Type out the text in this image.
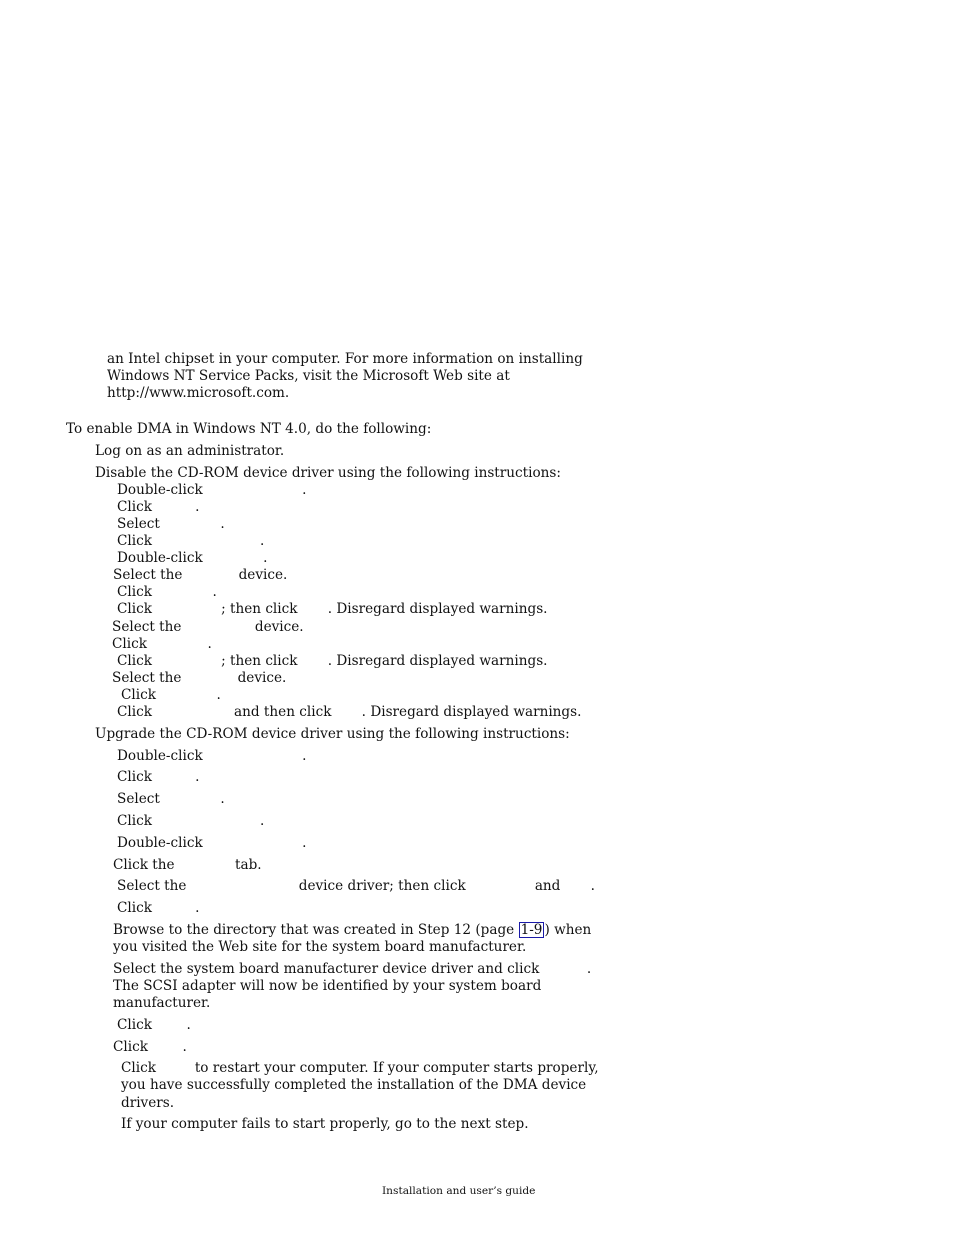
an Intel chipset in your computer. For more information on installing
Windows NT Service Packs, visit the Microsoft Web site at
http://www.microsoft.com.
To enable DMA in Windows NT 4.0, do the following:
Log on as an administrator.
Disable the CD-ROM device driver using the following instructions:
Double-click                       .
Click          .
Select              .
Click                         .
Double-click              .
Select the             device.
Click              .
Click                ; then click       . Disregard displayed warnings.
Select the                 device.
Click              .
Click                ; then click       . Disregard displayed warnings.
Select the             device.
Click              .
Click                   and then click       . Disregard displayed warnings.
Upgrade the CD-ROM device driver using the following instructions:
Double-click                       .
Click          .
Select              .
Click                         .
Double-click                       .
Click the              tab.
Select the                          device driver; then click                and       .
Click          .
Browse to the directory that was created in Step 12 (page 1-9 ) when
you visited the Web site for the system board manufacturer.
Select the system board manufacturer device driver and click           .
The SCSI adapter will now be identified by your system board
manufacturer.
Click        .
Click        .
Click         to restart your computer. If your computer starts properly,
you have successfully completed the installation of the DMA device
drivers.
If your computer fails to start properly, go to the next step.
Installation and user’s guide
